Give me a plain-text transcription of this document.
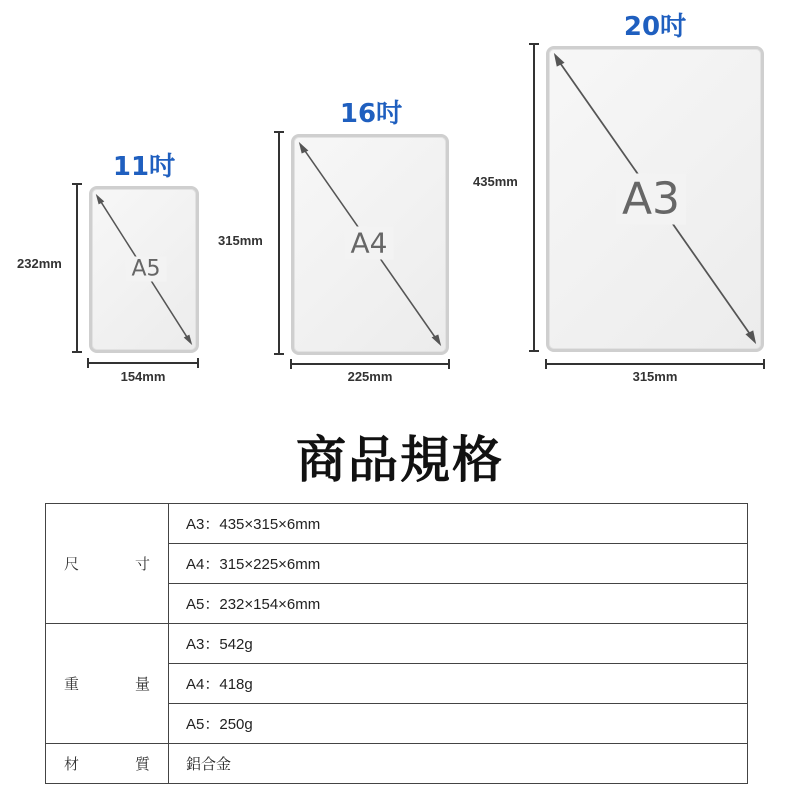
11吋
232mm	A5
154mm
16吋
315mm	A4
225mm
20吋
435mm A3
315mm
商品規格
尺 寸	A3：435×315×6mm
	A4：315×225×6mm
	A5：232×154×6mm

重 量	A3：542g
	A4：418g
	A5：250g

材 質	鋁合金
